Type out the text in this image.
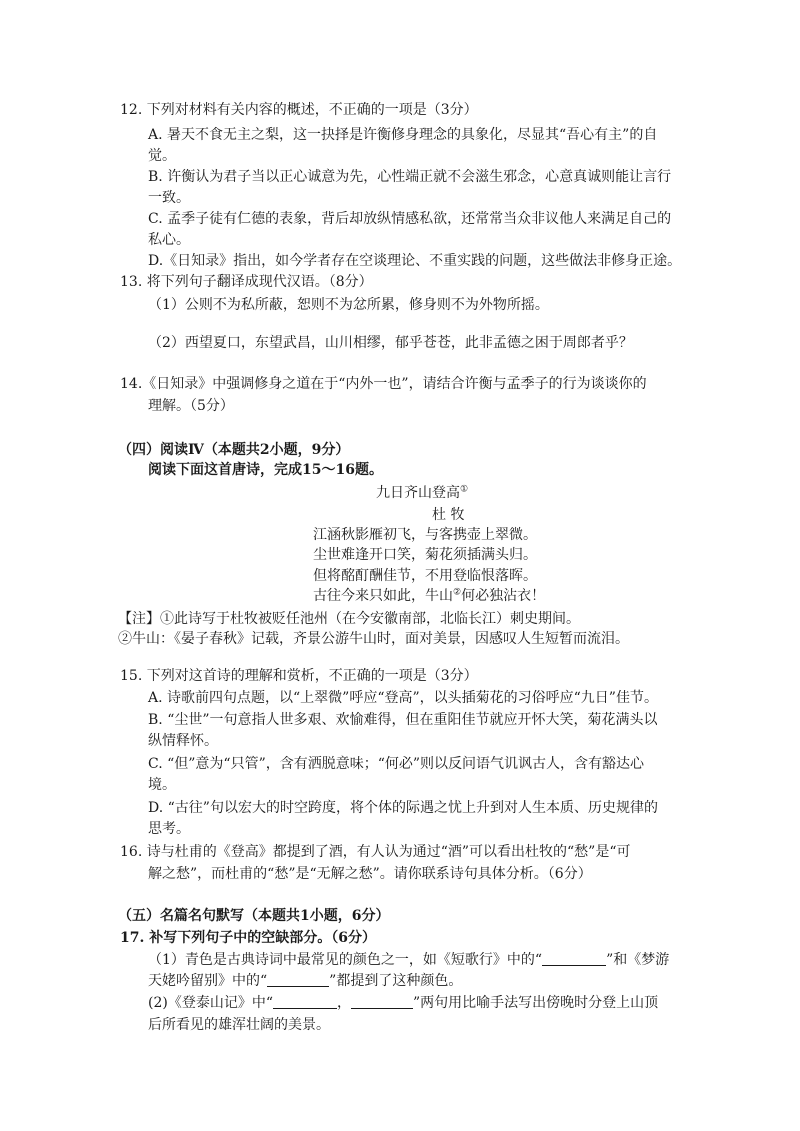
12. 下列对材料有关内容的概述，不正确的一项是（3分）
A. 暑天不食无主之梨，这一抉择是许衡修身理念的具象化，尽显其“吾心有主”的自
觉。
B. 许衡认为君子当以正心诚意为先，心性端正就不会滋生邪念，心意真诚则能让言行
一致。
C. 孟季子徒有仁德的表象，背后却放纵情感私欲，还常常当众非议他人来满足自己的
私心。
D.《日知录》指出，如今学者存在空谈理论、不重实践的问题，这些做法非修身正途。
13. 将下列句子翻译成现代汉语。（8分）
（1）公则不为私所蔽，恕则不为忿所累，修身则不为外物所摇。
（2）西望夏口，东望武昌，山川相缪，郁乎苍苍，此非孟德之困于周郎者乎？
14.《日知录》中强调修身之道在于“内外一也”，请结合许衡与孟季子的行为谈谈你的
理解。（5分）
（四）阅读Ⅳ（本题共2小题，9分）
阅读下面这首唐诗，完成15～16题。
九日齐山登高①
杜 牧
江涵秋影雁初飞，与客携壶上翠微。
尘世难逢开口笑，菊花须插满头归。
但将酩酊酬佳节，不用登临恨落晖。
古往今来只如此，牛山②何必独沾衣！
【注】①此诗写于杜牧被贬任池州（在今安徽南部，北临长江）刺史期间。
②牛山：《晏子春秋》记载，齐景公游牛山时，面对美景，因感叹人生短暂而流泪。
15. 下列对这首诗的理解和赏析，不正确的一项是（3分）
A. 诗歌前四句点题，以“上翠微”呼应“登高”，以头插菊花的习俗呼应“九日”佳节。
B. “尘世”一句意指人世多艰、欢愉难得，但在重阳佳节就应开怀大笑，菊花满头以
纵情释怀。
C. “但”意为“只管”，含有洒脱意味；“何必”则以反问语气讥讽古人，含有豁达心
境。
D. “古往”句以宏大的时空跨度，将个体的际遇之忧上升到对人生本质、历史规律的
思考。
16. 诗与杜甫的《登高》都提到了酒，有人认为通过“酒”可以看出杜牧的“愁”是“可
解之愁”，而杜甫的“愁”是“无解之愁”。请你联系诗句具体分析。（6分）
（五）名篇名句默写（本题共1小题，6分）
17. 补写下列句子中的空缺部分。（6分）
（1）青色是古典诗词中最常见的颜色之一，如《短歌行》中的“	”和《梦游
天姥吟留别》中的“	”都提到了这种颜色。
(2)《登泰山记》中“	，	”两句用比喻手法写出傍晚时分登上山顶
后所看见的雄浑壮阔的美景。
